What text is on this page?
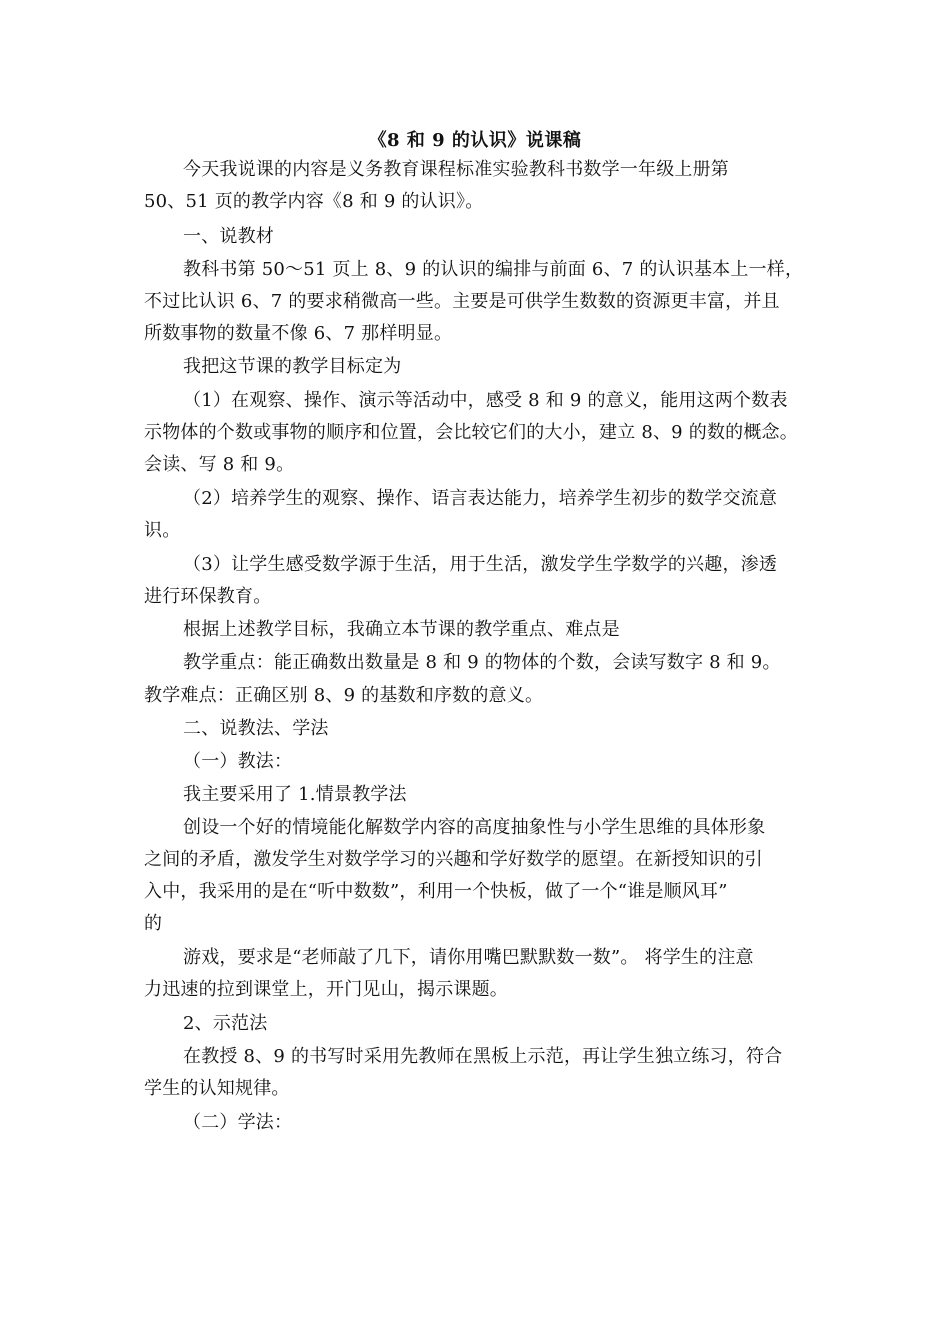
《8 和 9 的认识》说课稿
今天我说课的内容是义务教育课程标准实验教科书数学一年级上册第
50、51 页的教学内容《8 和 9 的认识》。
一、说教材
教科书第 50～51 页上 8、9 的认识的编排与前面 6、7 的认识基本上一样，
不过比认识 6、7 的要求稍微高一些。主要是可供学生数数的资源更丰富，并且
所数事物的数量不像 6、7 那样明显。
我把这节课的教学目标定为
（1）在观察、操作、演示等活动中，感受 8 和 9 的意义，能用这两个数表
示物体的个数或事物的顺序和位置，会比较它们的大小，建立 8、9 的数的概念。
会读、写 8 和 9。
（2）培养学生的观察、操作、语言表达能力，培养学生初步的数学交流意
识。
（3）让学生感受数学源于生活，用于生活，激发学生学数学的兴趣，渗透
进行环保教育。
根据上述教学目标，我确立本节课的教学重点、难点是
教学重点：能正确数出数量是 8 和 9 的物体的个数，会读写数字 8 和 9。
教学难点：正确区别 8、9 的基数和序数的意义。
二、说教法、学法
（一）教法：
我主要采用了 1.情景教学法
创设一个好的情境能化解数学内容的高度抽象性与小学生思维的具体形象
之间的矛盾，激发学生对数学学习的兴趣和学好数学的愿望。在新授知识的引
入中，我采用的是在“听中数数”，利用一个快板，做了一个“谁是顺风耳”
的
游戏，要求是“老师敲了几下，请你用嘴巴默默数一数”。 将学生的注意
力迅速的拉到课堂上，开门见山，揭示课题。
2、示范法
在教授 8、9 的书写时采用先教师在黑板上示范，再让学生独立练习，符合
学生的认知规律。
（二）学法：
